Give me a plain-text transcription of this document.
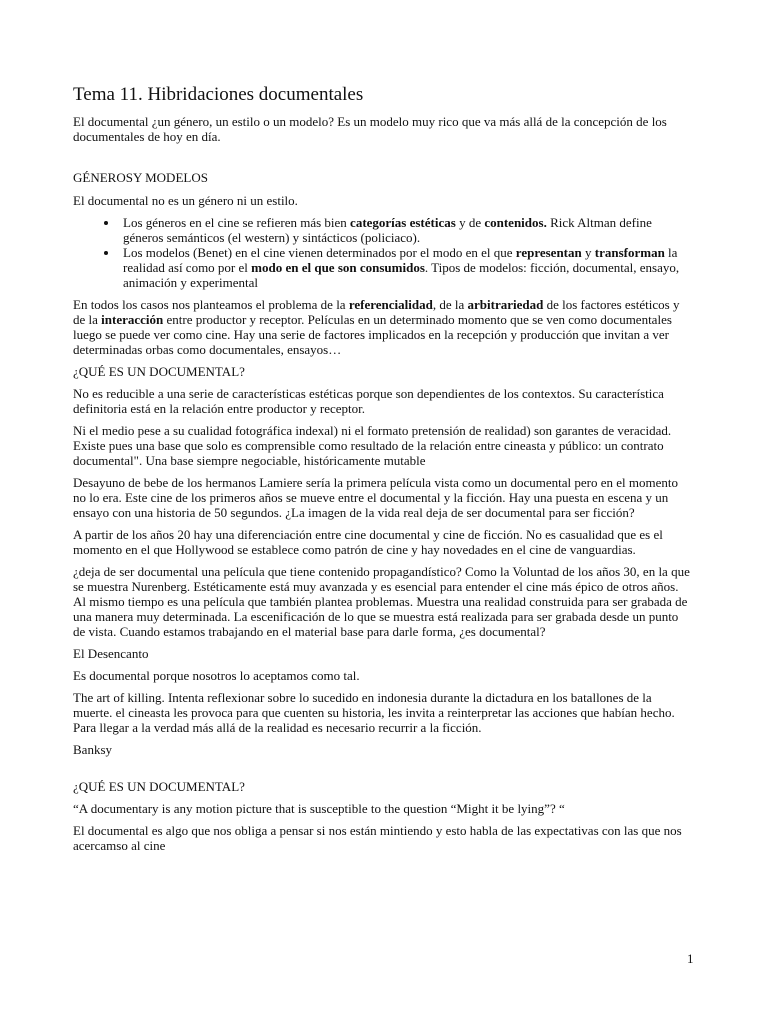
Tema 11. Hibridaciones documentales

El documental ¿un género, un estilo o un modelo? Es un modelo muy rico que va más allá de la concepción de los documentales de hoy en día.

GÉNEROSY MODELOS

El documental no es un género ni un estilo.

• Los géneros en el cine se refieren más bien categorías estéticas y de contenidos. Rick Altman define géneros semánticos (el western) y sintácticos (policiaco).
• Los modelos (Benet) en el cine vienen determinados por el modo en el que representan y transforman la realidad así como por el modo en el que son consumidos. Tipos de modelos: ficción, documental, ensayo, animación y experimental

En todos los casos nos planteamos el problema de la referencialidad, de la arbitrariedad de los factores estéticos y de la interacción entre productor y receptor. Películas en un determinado momento que se ven como documentales luego se puede ver como cine. Hay una serie de factores implicados en la recepción y producción que invitan a ver determinadas orbas como documentales, ensayos…

¿QUÉ ES UN DOCUMENTAL?

No es reducible a una serie de características estéticas porque son dependientes de los contextos. Su característica definitoria está en la relación entre productor y receptor.

Ni el medio pese a su cualidad fotográfica indexal) ni el formato pretensión de realidad) son garantes de veracidad. Existe pues una base que solo es comprensible como resultado de la relación entre cineasta y público: un contrato documental". Una base siempre negociable, históricamente mutable

Desayuno de bebe de los hermanos Lamiere sería la primera película vista como un documental pero en el momento no lo era. Este cine de los primeros años se mueve entre el documental y la ficción. Hay una puesta en escena y un ensayo con una historia de 50 segundos. ¿La imagen de la vida real deja de ser documental para ser ficción?

A partir de los años 20 hay una diferenciación entre cine documental y cine de ficción. No es casualidad que es el momento en el que Hollywood se establece como patrón de cine y hay novedades en el cine de vanguardias.

¿deja de ser documental una película que tiene contenido propagandístico? Como la Voluntad de los años 30, en la que se muestra Nurenberg. Estéticamente está muy avanzada y es esencial para entender el cine más épico de otros años. Al mismo tiempo es una película que también plantea problemas. Muestra una realidad construida para ser grabada de una manera muy determinada. La escenificación de lo que se muestra está realizada para ser grabada desde un punto de vista. Cuando estamos trabajando en el material base para darle forma, ¿es documental?

El Desencanto

Es documental porque nosotros lo aceptamos como tal.

The art of killing. Intenta reflexionar sobre lo sucedido en indonesia durante la dictadura en los batallones de la muerte. el cineasta les provoca para que cuenten su historia, les invita a reinterpretar las acciones que habían hecho. Para llegar a la verdad más allá de la realidad es necesario recurrir a la ficción.

Banksy

¿QUÉ ES UN DOCUMENTAL?

“A documentary is any motion picture that is susceptible to the question “Might it be lying”? “

El documental es algo que nos obliga a pensar si nos están mintiendo y esto habla de las expectativas con las que nos acercamso al cine

1
